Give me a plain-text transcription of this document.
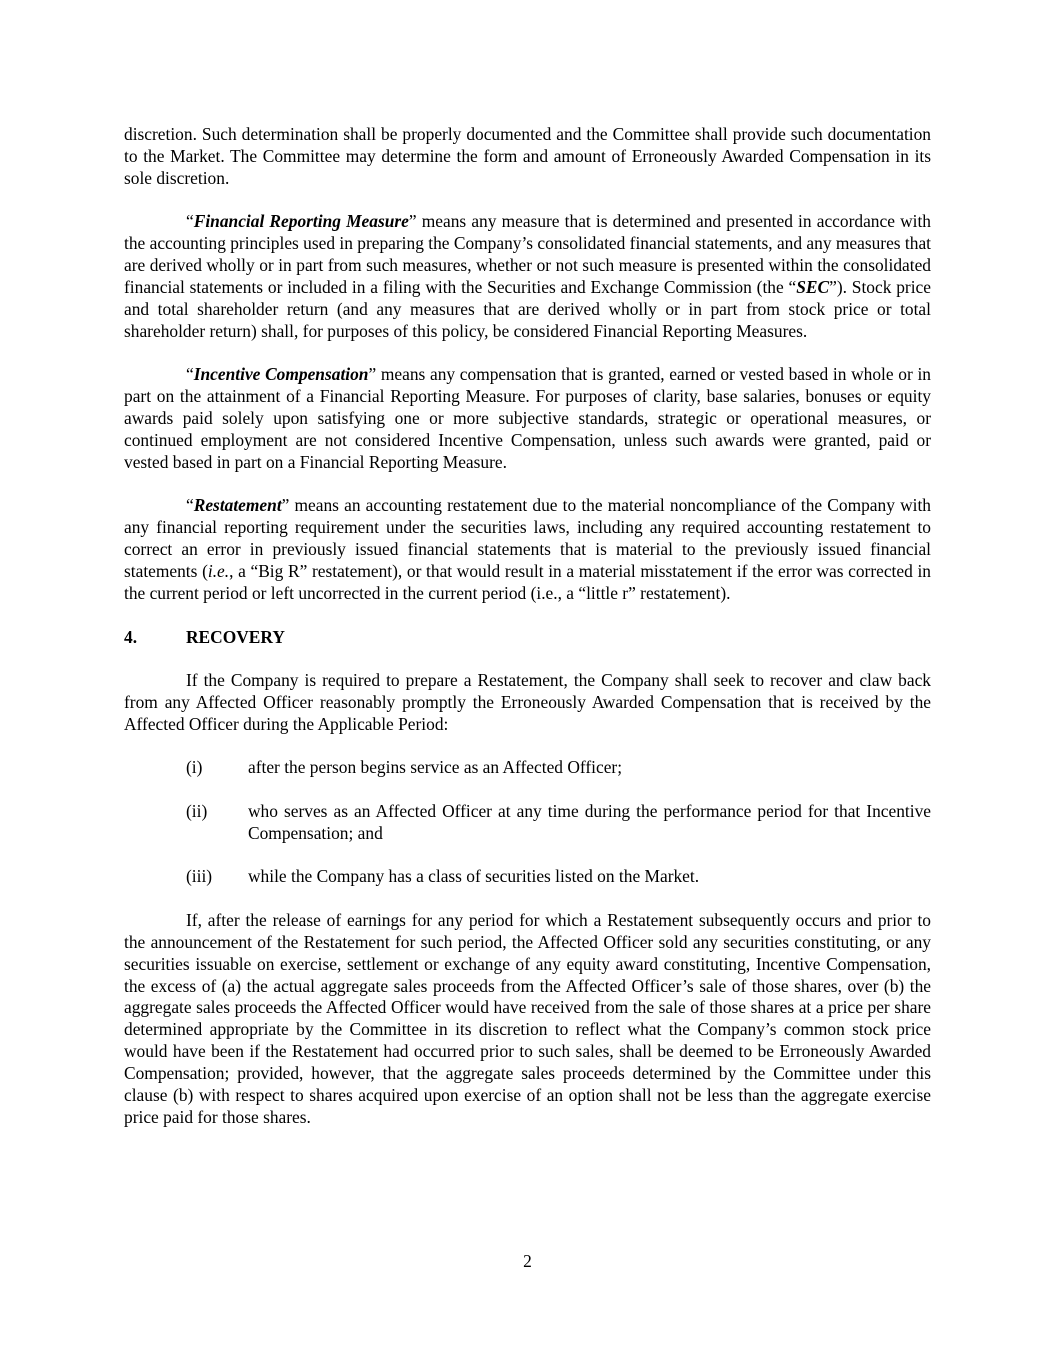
discretion. Such determination shall be properly documented and the Committee shall provide such documentation to the Market. The Committee may determine the form and amount of Erroneously Awarded Compensation in its sole discretion.

“Financial Reporting Measure” means any measure that is determined and presented in accordance with the accounting principles used in preparing the Company’s consolidated financial statements, and any measures that are derived wholly or in part from such measures, whether or not such measure is presented within the consolidated financial statements or included in a filing with the Securities and Exchange Commission (the “SEC”). Stock price and total shareholder return (and any measures that are derived wholly or in part from stock price or total shareholder return) shall, for purposes of this policy, be considered Financial Reporting Measures.

“Incentive Compensation” means any compensation that is granted, earned or vested based in whole or in part on the attainment of a Financial Reporting Measure. For purposes of clarity, base salaries, bonuses or equity awards paid solely upon satisfying one or more subjective standards, strategic or operational measures, or continued employment are not considered Incentive Compensation, unless such awards were granted, paid or vested based in part on a Financial Reporting Measure.

“Restatement” means an accounting restatement due to the material noncompliance of the Company with any financial reporting requirement under the securities laws, including any required accounting restatement to correct an error in previously issued financial statements that is material to the previously issued financial statements (i.e., a “Big R” restatement), or that would result in a material misstatement if the error was corrected in the current period or left uncorrected in the current period (i.e., a “little r” restatement).

4.	RECOVERY

If the Company is required to prepare a Restatement, the Company shall seek to recover and claw back from any Affected Officer reasonably promptly the Erroneously Awarded Compensation that is received by the Affected Officer during the Applicable Period:

(i)	after the person begins service as an Affected Officer;
(ii)	who serves as an Affected Officer at any time during the performance period for that Incentive Compensation; and
(iii)	while the Company has a class of securities listed on the Market.

If, after the release of earnings for any period for which a Restatement subsequently occurs and prior to the announcement of the Restatement for such period, the Affected Officer sold any securities constituting, or any securities issuable on exercise, settlement or exchange of any equity award constituting, Incentive Compensation, the excess of (a) the actual aggregate sales proceeds from the Affected Officer’s sale of those shares, over (b) the aggregate sales proceeds the Affected Officer would have received from the sale of those shares at a price per share determined appropriate by the Committee in its discretion to reflect what the Company’s common stock price would have been if the Restatement had occurred prior to such sales, shall be deemed to be Erroneously Awarded Compensation; provided, however, that the aggregate sales proceeds determined by the Committee under this clause (b) with respect to shares acquired upon exercise of an option shall not be less than the aggregate exercise price paid for those shares.

2
